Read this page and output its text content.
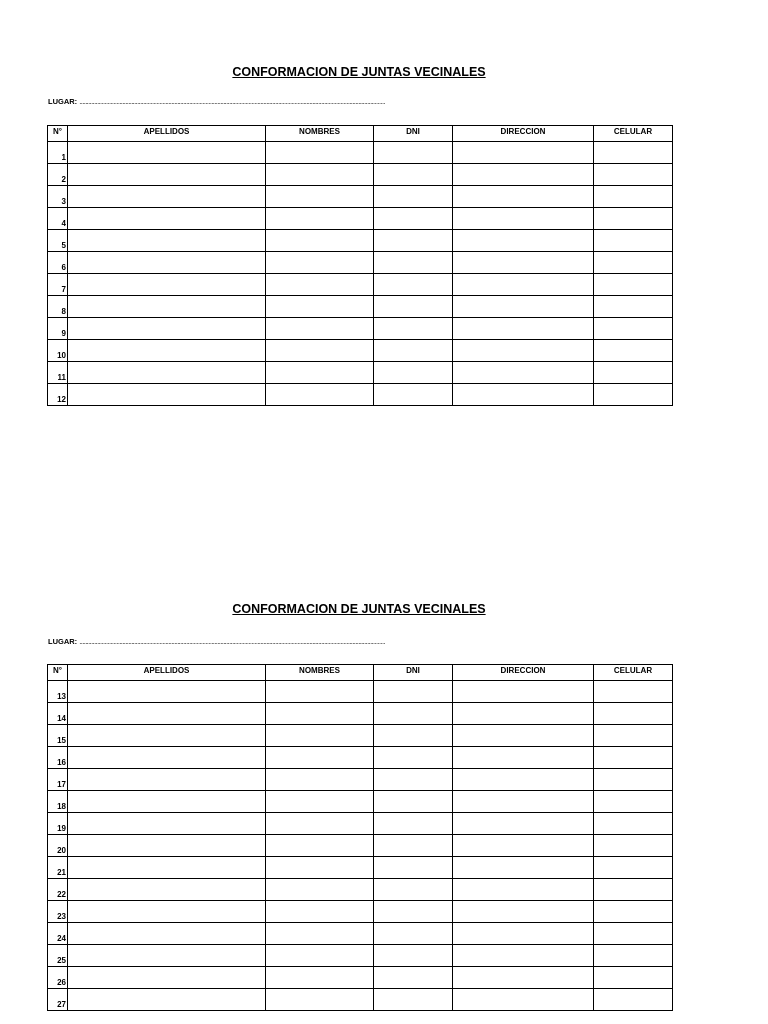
CONFORMACION DE JUNTAS VECINALES
LUGAR: ..............................................................................................................................................................................................................
N°	APELLIDOS	NOMBRES	DNI	DIRECCION	CELULAR
1					
2					
3					
4					
5					
6					
7					
8					
9					
10					
11					
12					
CONFORMACION DE JUNTAS VECINALES
LUGAR: ..............................................................................................................................................................................................................
N°	APELLIDOS	NOMBRES	DNI	DIRECCION	CELULAR
13					
14					
15					
16					
17					
18					
19					
20					
21					
22					
23					
24					
25					
26					
27					
